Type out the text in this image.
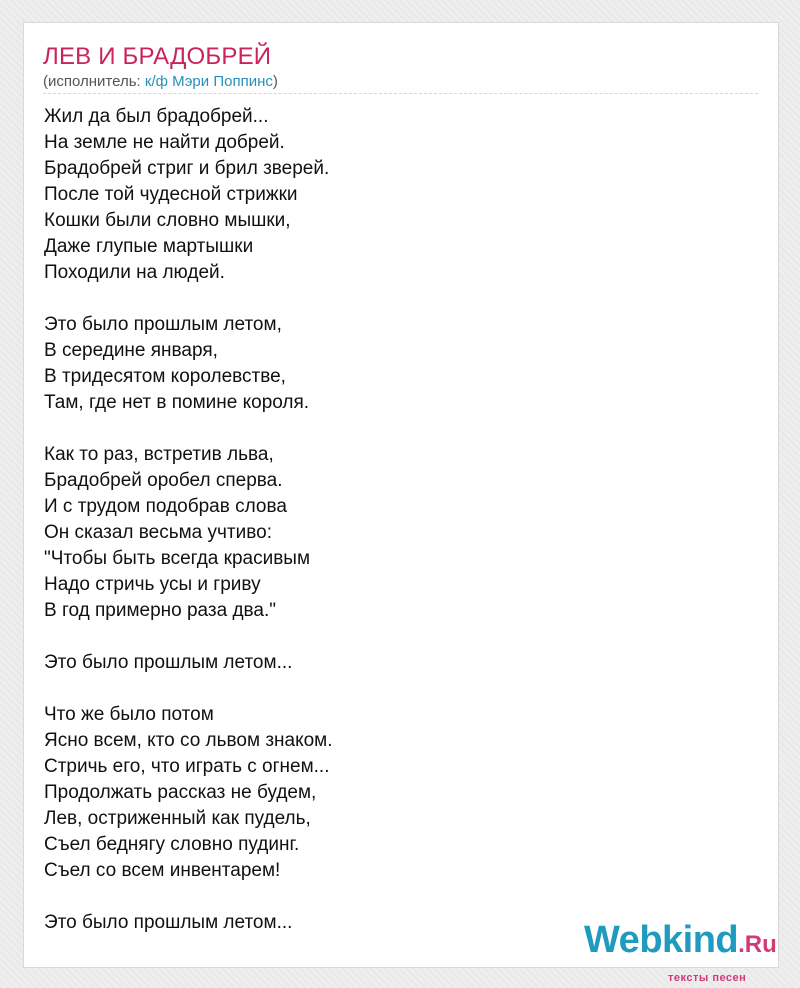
ЛЕВ И БРАДОБРЕЙ
(исполнитель: к/ф Мэри Поппинс)
Жил да был брадобрей...
На земле не найти добрей.
Брадобрей стриг и брил зверей.
После той чудесной стрижки
Кошки были словно мышки,
Даже глупые мартышки
Походили на людей.

Это было прошлым летом,
В середине января,
В тридесятом королевстве,
Там, где нет в помине короля.

Как то раз, встретив льва,
Брадобрей оробел сперва.
И с трудом подобрав слова
Он сказал весьма учтиво:
"Чтобы быть всегда красивым
Надо стричь усы и гриву
В год примерно раза два."

Это было прошлым летом...

Что же было потом
Ясно всем, кто со львом знаком.
Стричь его, что играть с огнем...
Продолжать рассказ не будем,
Лев, остриженный как пудель,
Съел беднягу словно пудинг.
Съел со всем инвентарем!

Это было прошлым летом...	Webkind.Ru
тексты песен
